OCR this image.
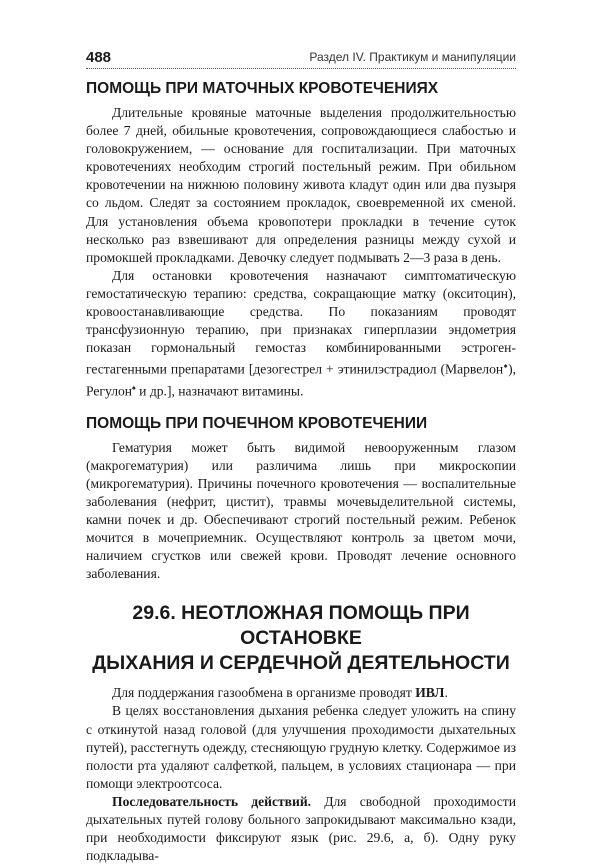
488	Раздел IV. Практикум и манипуляции
ПОМОЩЬ ПРИ МАТОЧНЫХ КРОВОТЕЧЕНИЯХ

Длительные кровяные маточные выделения продолжительностью более 7 дней, обильные кровотечения, сопровождающиеся слабостью и головокружением, — основание для госпитализации. При маточных кровотечениях необходим строгий постельный режим. При обильном кровотечении на нижнюю половину живота кладут один или два пузыря со льдом. Следят за состоянием прокладок, своевременной их сменой. Для установления объема кровопотери прокладки в течение суток несколько раз взвешивают для определения разницы между сухой и промокшей прокладками. Девочку следует подмывать 2—3 раза в день.

Для остановки кровотечения назначают симптоматическую гемостатическую терапию: средства, сокращающие матку (окситоцин), кровоостанавливающие средства. По показаниям проводят трансфузионную терапию, при признаках гиперплазии эндометрия показан гормональный гемостаз комбинированными эстроген-гестагенными препаратами [дезогестрел + этинилэстрадиол (Марвелон♠), Регулон♠ и др.], назначают витамины.

ПОМОЩЬ ПРИ ПОЧЕЧНОМ КРОВОТЕЧЕНИИ

Гематурия может быть видимой невооруженным глазом (макрогематурия) или различима лишь при микроскопии (микрогематурия). Причины почечного кровотечения — воспалительные заболевания (нефрит, цистит), травмы мочевыделительной системы, камни почек и др. Обеспечивают строгий постельный режим. Ребенок мочится в мочеприемник. Осуществляют контроль за цветом мочи, наличием сгустков или свежей крови. Проводят лечение основного заболевания.

29.6. НЕОТЛОЖНАЯ ПОМОЩЬ ПРИ ОСТАНОВКЕ
ДЫХАНИЯ И СЕРДЕЧНОЙ ДЕЯТЕЛЬНОСТИ

Для поддержания газообмена в организме проводят ИВЛ.

В целях восстановления дыхания ребенка следует уложить на спину с откинутой назад головой (для улучшения проходимости дыхательных путей), расстегнуть одежду, стесняющую грудную клетку. Содержимое из полости рта удаляют салфеткой, пальцем, в условиях стационара — при помощи электроотсоса.

Последовательность действий. Для свободной проходимости дыхательных путей голову больного запрокидывают максимально кзади, при необходимости фиксируют язык (рис. 29.6, а, б). Одну руку подкладыва-
